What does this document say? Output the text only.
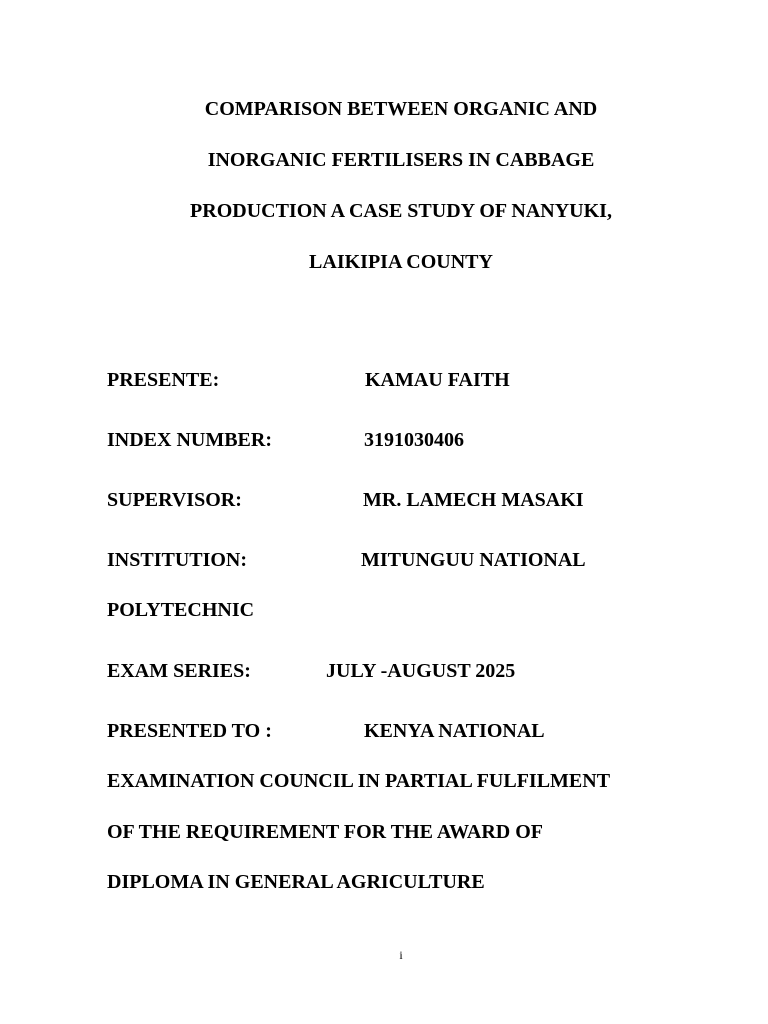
COMPARISON BETWEEN ORGANIC AND
INORGANIC FERTILISERS IN CABBAGE
PRODUCTION A CASE STUDY OF NANYUKI,
LAIKIPIA COUNTY
PRESENTE:	KAMAU FAITH
INDEX NUMBER:	3191030406
SUPERVISOR:	MR. LAMECH MASAKI
INSTITUTION:	MITUNGUU NATIONAL
POLYTECHNIC
EXAM SERIES:	JULY -AUGUST 2025
PRESENTED TO :	KENYA NATIONAL
EXAMINATION COUNCIL IN PARTIAL FULFILMENT
OF THE REQUIREMENT FOR THE AWARD OF
DIPLOMA IN GENERAL AGRICULTURE
i
